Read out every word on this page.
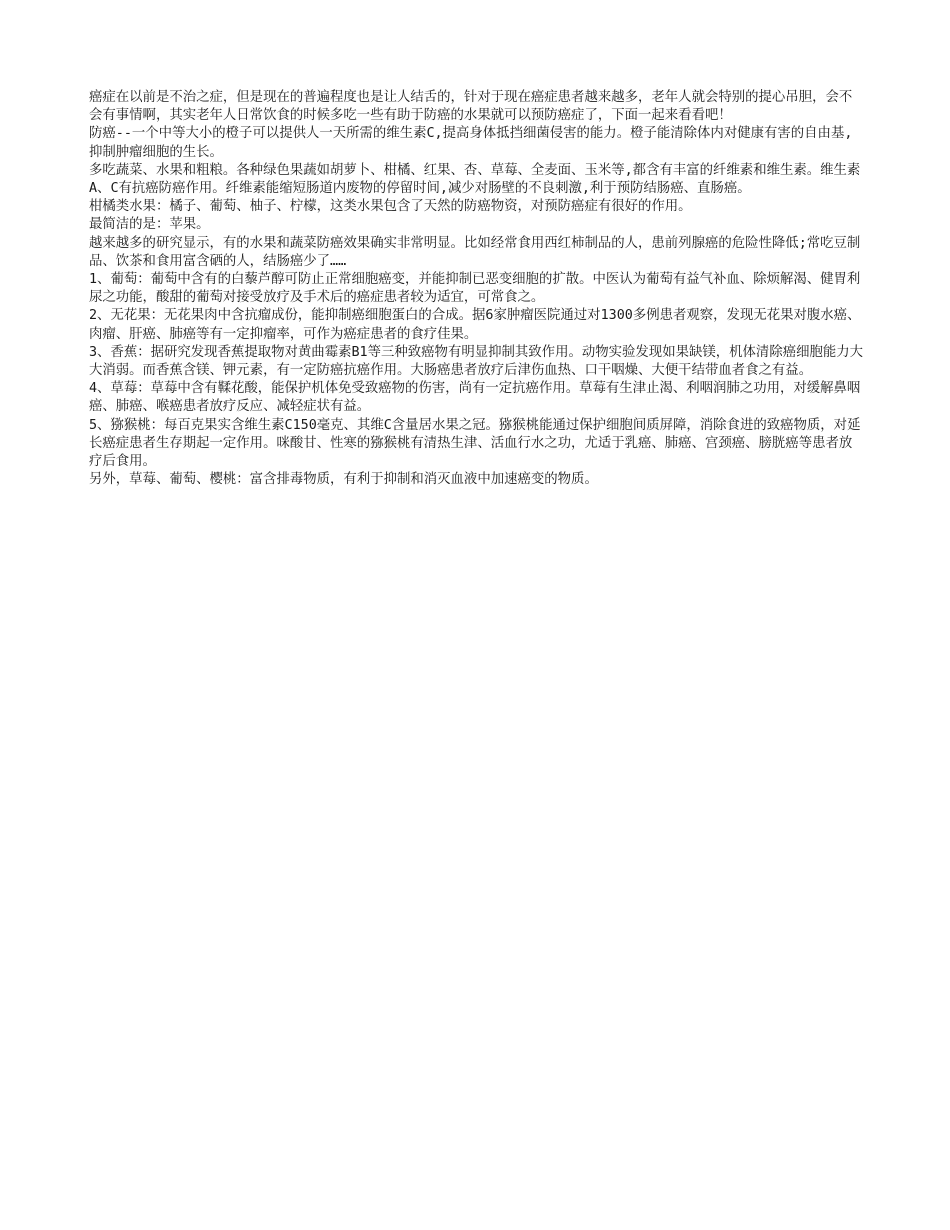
癌症在以前是不治之症，但是现在的普遍程度也是让人结舌的，针对于现在癌症患者越来越多，老年人就会特别的提心吊胆，会不会有事情啊，其实老年人日常饮食的时候多吃一些有助于防癌的水果就可以预防癌症了，下面一起来看看吧！

防癌--一个中等大小的橙子可以提供人一天所需的维生素C,提高身体抵挡细菌侵害的能力。橙子能清除体内对健康有害的自由基,抑制肿瘤细胞的生长。

多吃蔬菜、水果和粗粮。各种绿色果蔬如胡萝卜、柑橘、红果、杏、草莓、全麦面、玉米等,都含有丰富的纤维素和维生素。维生素A、C有抗癌防癌作用。纤维素能缩短肠道内废物的停留时间,减少对肠壁的不良刺激,利于预防结肠癌、直肠癌。

柑橘类水果：橘子、葡萄、柚子、柠檬，这类水果包含了天然的防癌物资，对预防癌症有很好的作用。

最简洁的是：苹果。

越来越多的研究显示，有的水果和蔬菜防癌效果确实非常明显。比如经常食用西红柿制品的人，患前列腺癌的危险性降低;常吃豆制品、饮茶和食用富含硒的人，结肠癌少了……

1、葡萄：葡萄中含有的白藜芦醇可防止正常细胞癌变，并能抑制已恶变细胞的扩散。中医认为葡萄有益气补血、除烦解渴、健胃利尿之功能，酸甜的葡萄对接受放疗及手术后的癌症患者较为适宜，可常食之。

2、无花果：无花果肉中含抗瘤成份，能抑制癌细胞蛋白的合成。据6家肿瘤医院通过对1300多例患者观察，发现无花果对腹水癌、肉瘤、肝癌、肺癌等有一定抑瘤率，可作为癌症患者的食疗佳果。

3、香蕉：据研究发现香蕉提取物对黄曲霉素B1等三种致癌物有明显抑制其致作用。动物实验发现如果缺镁，机体清除癌细胞能力大大消弱。而香蕉含镁、钾元素，有一定防癌抗癌作用。大肠癌患者放疗后津伤血热、口干咽燥、大便干结带血者食之有益。

4、草莓：草莓中含有鞣花酸，能保护机体免受致癌物的伤害，尚有一定抗癌作用。草莓有生津止渴、利咽润肺之功用，对缓解鼻咽癌、肺癌、喉癌患者放疗反应、减轻症状有益。

5、猕猴桃：每百克果实含维生素C150毫克、其维C含量居水果之冠。猕猴桃能通过保护细胞间质屏障，消除食进的致癌物质，对延长癌症患者生存期起一定作用。咪酸甘、性寒的猕猴桃有清热生津、活血行水之功，尤适于乳癌、肺癌、宫颈癌、膀胱癌等患者放疗后食用。

另外，草莓、葡萄、樱桃：富含排毒物质，有利于抑制和消灭血液中加速癌变的物质。
